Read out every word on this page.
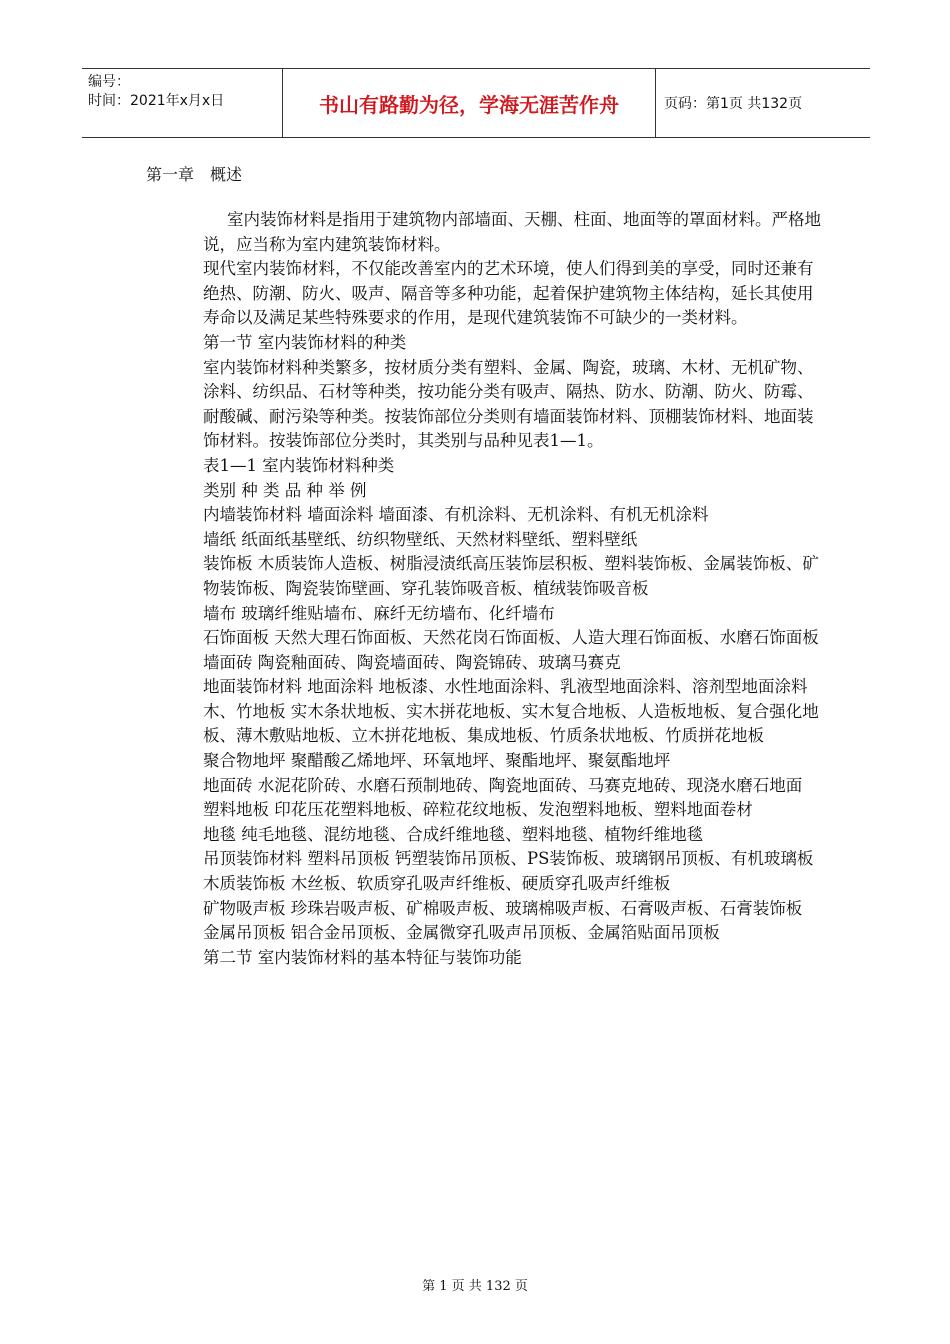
编号：
时间：2021年x月x日	书山有路勤为径，学海无涯苦作舟	页码：第1页 共132页
第一章　概述

室内装饰材料是指用于建筑物内部墙面、天棚、柱面、地面等的罩面材料。严格地说，应当称为室内建筑装饰材料。

现代室内装饰材料，不仅能改善室内的艺术环境，使人们得到美的享受，同时还兼有绝热、防潮、防火、吸声、隔音等多种功能，起着保护建筑物主体结构，延长其使用寿命以及满足某些特殊要求的作用，是现代建筑装饰不可缺少的一类材料。

第一节 室内装饰材料的种类

室内装饰材料种类繁多，按材质分类有塑料、金属、陶瓷，玻璃、木材、无机矿物、涂料、纺织品、石材等种类，按功能分类有吸声、隔热、防水、防潮、防火、防霉、耐酸碱、耐污染等种类。按装饰部位分类则有墙面装饰材料、顶棚装饰材料、地面装饰材料。按装饰部位分类时，其类别与品种见表1—1。

表1—1 室内装饰材料种类

类别 种 类 品 种 举 例

内墙装饰材料 墙面涂料 墙面漆、有机涂料、无机涂料、有机无机涂料

墙纸 纸面纸基壁纸、纺织物壁纸、天然材料壁纸、塑料壁纸

装饰板 木质装饰人造板、树脂浸渍纸高压装饰层积板、塑料装饰板、金属装饰板、矿物装饰板、陶瓷装饰壁画、穿孔装饰吸音板、植绒装饰吸音板

墙布 玻璃纤维贴墙布、麻纤无纺墙布、化纤墙布

石饰面板 天然大理石饰面板、天然花岗石饰面板、人造大理石饰面板、水磨石饰面板

墙面砖 陶瓷釉面砖、陶瓷墙面砖、陶瓷锦砖、玻璃马赛克

地面装饰材料 地面涂料 地板漆、水性地面涂料、乳液型地面涂料、溶剂型地面涂料

木、竹地板 实木条状地板、实木拼花地板、实木复合地板、人造板地板、复合强化地板、薄木敷贴地板、立木拼花地板、集成地板、竹质条状地板、竹质拼花地板

聚合物地坪 聚醋酸乙烯地坪、环氧地坪、聚酯地坪、聚氨酯地坪

地面砖 水泥花阶砖、水磨石预制地砖、陶瓷地面砖、马赛克地砖、现浇水磨石地面

塑料地板 印花压花塑料地板、碎粒花纹地板、发泡塑料地板、塑料地面卷材

地毯 纯毛地毯、混纺地毯、合成纤维地毯、塑料地毯、植物纤维地毯

吊顶装饰材料 塑料吊顶板 钙塑装饰吊顶板、PS装饰板、玻璃钢吊顶板、有机玻璃板

木质装饰板 木丝板、软质穿孔吸声纤维板、硬质穿孔吸声纤维板

矿物吸声板 珍珠岩吸声板、矿棉吸声板、玻璃棉吸声板、石膏吸声板、石膏装饰板

金属吊顶板 铝合金吊顶板、金属微穿孔吸声吊顶板、金属箔贴面吊顶板

第二节 室内装饰材料的基本特征与装饰功能

第 1 页 共 132 页
